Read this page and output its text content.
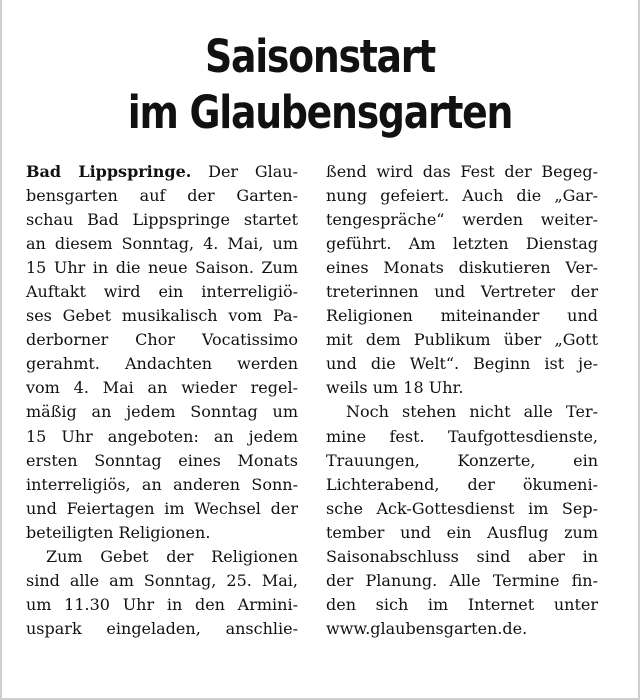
Saisonstart
im Glaubensgarten
Bad Lippspringe. Der Glau-
bensgarten auf der Garten-
schau Bad Lippspringe startet
an diesem Sonntag, 4. Mai, um
15 Uhr in die neue Saison. Zum
Auftakt wird ein interreligiö-
ses Gebet musikalisch vom Pa-
derborner Chor Vocatissimo
gerahmt. Andachten werden
vom 4. Mai an wieder regel-
mäßig an jedem Sonntag um
15 Uhr angeboten: an jedem
ersten Sonntag eines Monats
interreligiös, an anderen Sonn-
und Feiertagen im Wechsel der
beteiligten Religionen.
Zum Gebet der Religionen
sind alle am Sonntag, 25. Mai,
um 11.30 Uhr in den Armini-
uspark eingeladen, anschlie-
ßend wird das Fest der Begeg-
nung gefeiert. Auch die „Gar-
tengespräche“ werden weiter-
geführt. Am letzten Dienstag
eines Monats diskutieren Ver-
treterinnen und Vertreter der
Religionen miteinander und
mit dem Publikum über „Gott
und die Welt“. Beginn ist je-
weils um 18 Uhr.
Noch stehen nicht alle Ter-
mine fest. Taufgottesdienste,
Trauungen, Konzerte, ein
Lichterabend, der ökumeni-
sche Ack-Gottesdienst im Sep-
tember und ein Ausflug zum
Saisonabschluss sind aber in
der Planung. Alle Termine fin-
den sich im Internet unter
www.glaubensgarten.de.
